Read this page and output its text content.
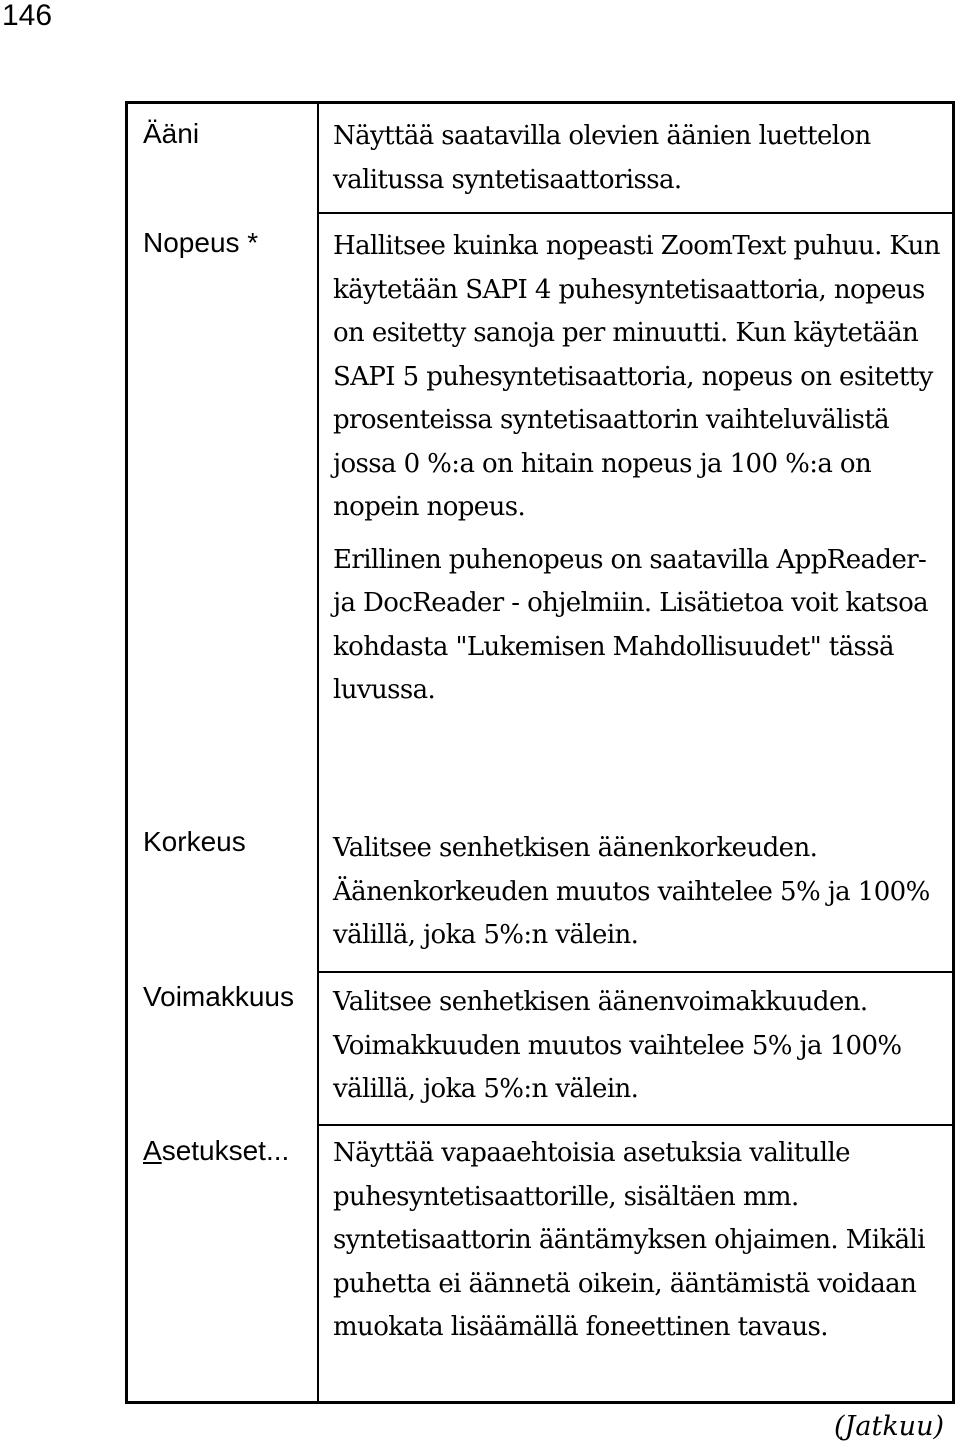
146
Ääni
Nopeus *
Korkeus
Voimakkuus
Asetukset...

Näyttää saatavilla olevien äänien luettelon valitussa syntetisaattorissa.

Hallitsee kuinka nopeasti ZoomText puhuu. Kun käytetään SAPI 4 puhesyntetisaattoria, nopeus on esitetty sanoja per minuutti. Kun käytetään SAPI 5 puhesyntetisaattoria, nopeus on esitetty prosenteissa syntetisaattorin vaihteluvälistä jossa 0 %:a on hitain nopeus ja 100 %:a on nopein nopeus.

Erillinen puhenopeus on saatavilla AppReader- ja DocReader - ohjelmiin. Lisätietoa voit katsoa kohdasta "Lukemisen Mahdollisuudet" tässä luvussa.

Valitsee senhetkisen äänenkorkeuden. Äänenkorkeuden muutos vaihtelee 5% ja 100% välillä, joka 5%:n välein.

Valitsee senhetkisen äänenvoimakkuuden. Voimakkuuden muutos vaihtelee 5% ja 100% välillä, joka 5%:n välein.

Näyttää vapaaehtoisia asetuksia valitulle puhesyntetisaattorille, sisältäen mm. syntetisaattorin ääntämyksen ohjaimen. Mikäli puhetta ei äännetä oikein, ääntämistä voidaan muokata lisäämällä foneettinen tavaus.

(Jatkuu)
